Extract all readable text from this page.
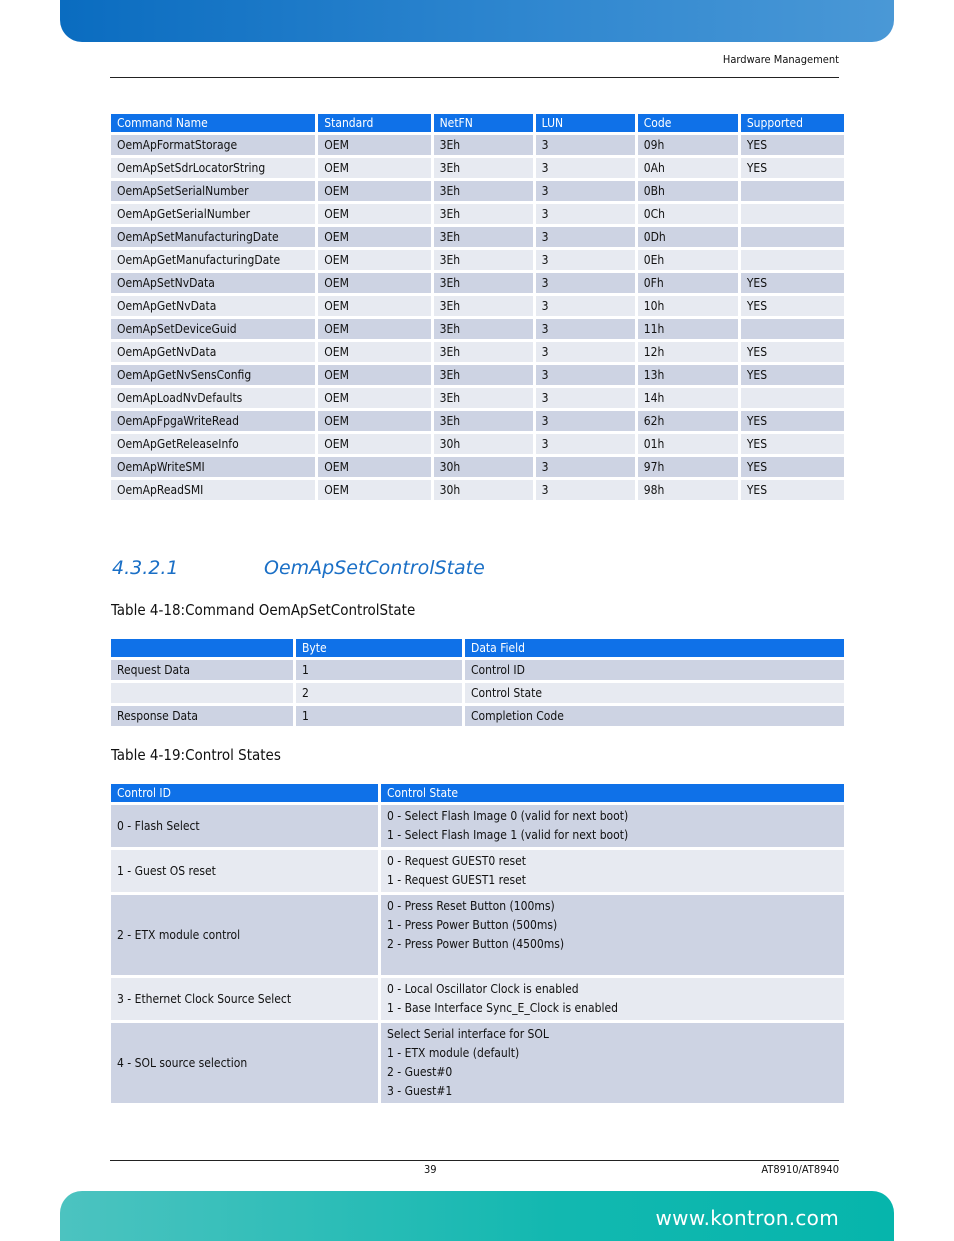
Hardware Management
Command Name	Standard	NetFN	LUN	Code	Supported
OemApFormatStorage	OEM	3Eh	3	09h	YES
OemApSetSdrLocatorString	OEM	3Eh	3	0Ah	YES
OemApSetSerialNumber	OEM	3Eh	3	0Bh	
OemApGetSerialNumber	OEM	3Eh	3	0Ch	
OemApSetManufacturingDate	OEM	3Eh	3	0Dh	
OemApGetManufacturingDate	OEM	3Eh	3	0Eh	
OemApSetNvData	OEM	3Eh	3	0Fh	YES
OemApGetNvData	OEM	3Eh	3	10h	YES
OemApSetDeviceGuid	OEM	3Eh	3	11h	
OemApGetNvData	OEM	3Eh	3	12h	YES
OemApGetNvSensConfig	OEM	3Eh	3	13h	YES
OemApLoadNvDefaults	OEM	3Eh	3	14h	
OemApFpgaWriteRead	OEM	3Eh	3	62h	YES
OemApGetReleaseInfo	OEM	30h	3	01h	YES
OemApWriteSMI	OEM	30h	3	97h	YES
OemApReadSMI	OEM	30h	3	98h	YES
4.3.2.1	OemApSetControlState
Table 4-18:Command OemApSetControlState
	Byte	Data Field
Request Data	1	Control ID
	2	Control State
Response Data	1	Completion Code
Table 4-19:Control States
Control ID	Control State
0 - Flash Select	0 - Select Flash Image 0 (valid for next boot)
1 - Select Flash Image 1 (valid for next boot)

1 - Guest OS reset	0 - Request GUEST0 reset
1 - Request GUEST1 reset

2 - ETX module control	0 - Press Reset Button (100ms)
1 - Press Power Button (500ms)
2 - Press Power Button (4500ms)

3 - Ethernet Clock Source Select	0 - Local Oscillator Clock is enabled
1 - Base Interface Sync_E_Clock is enabled

4 - SOL source selection	Select Serial interface for SOL
1 - ETX module (default)
2 - Guest#0
3 - Guest#1
39	AT8910/AT8940
www.kontron.com
